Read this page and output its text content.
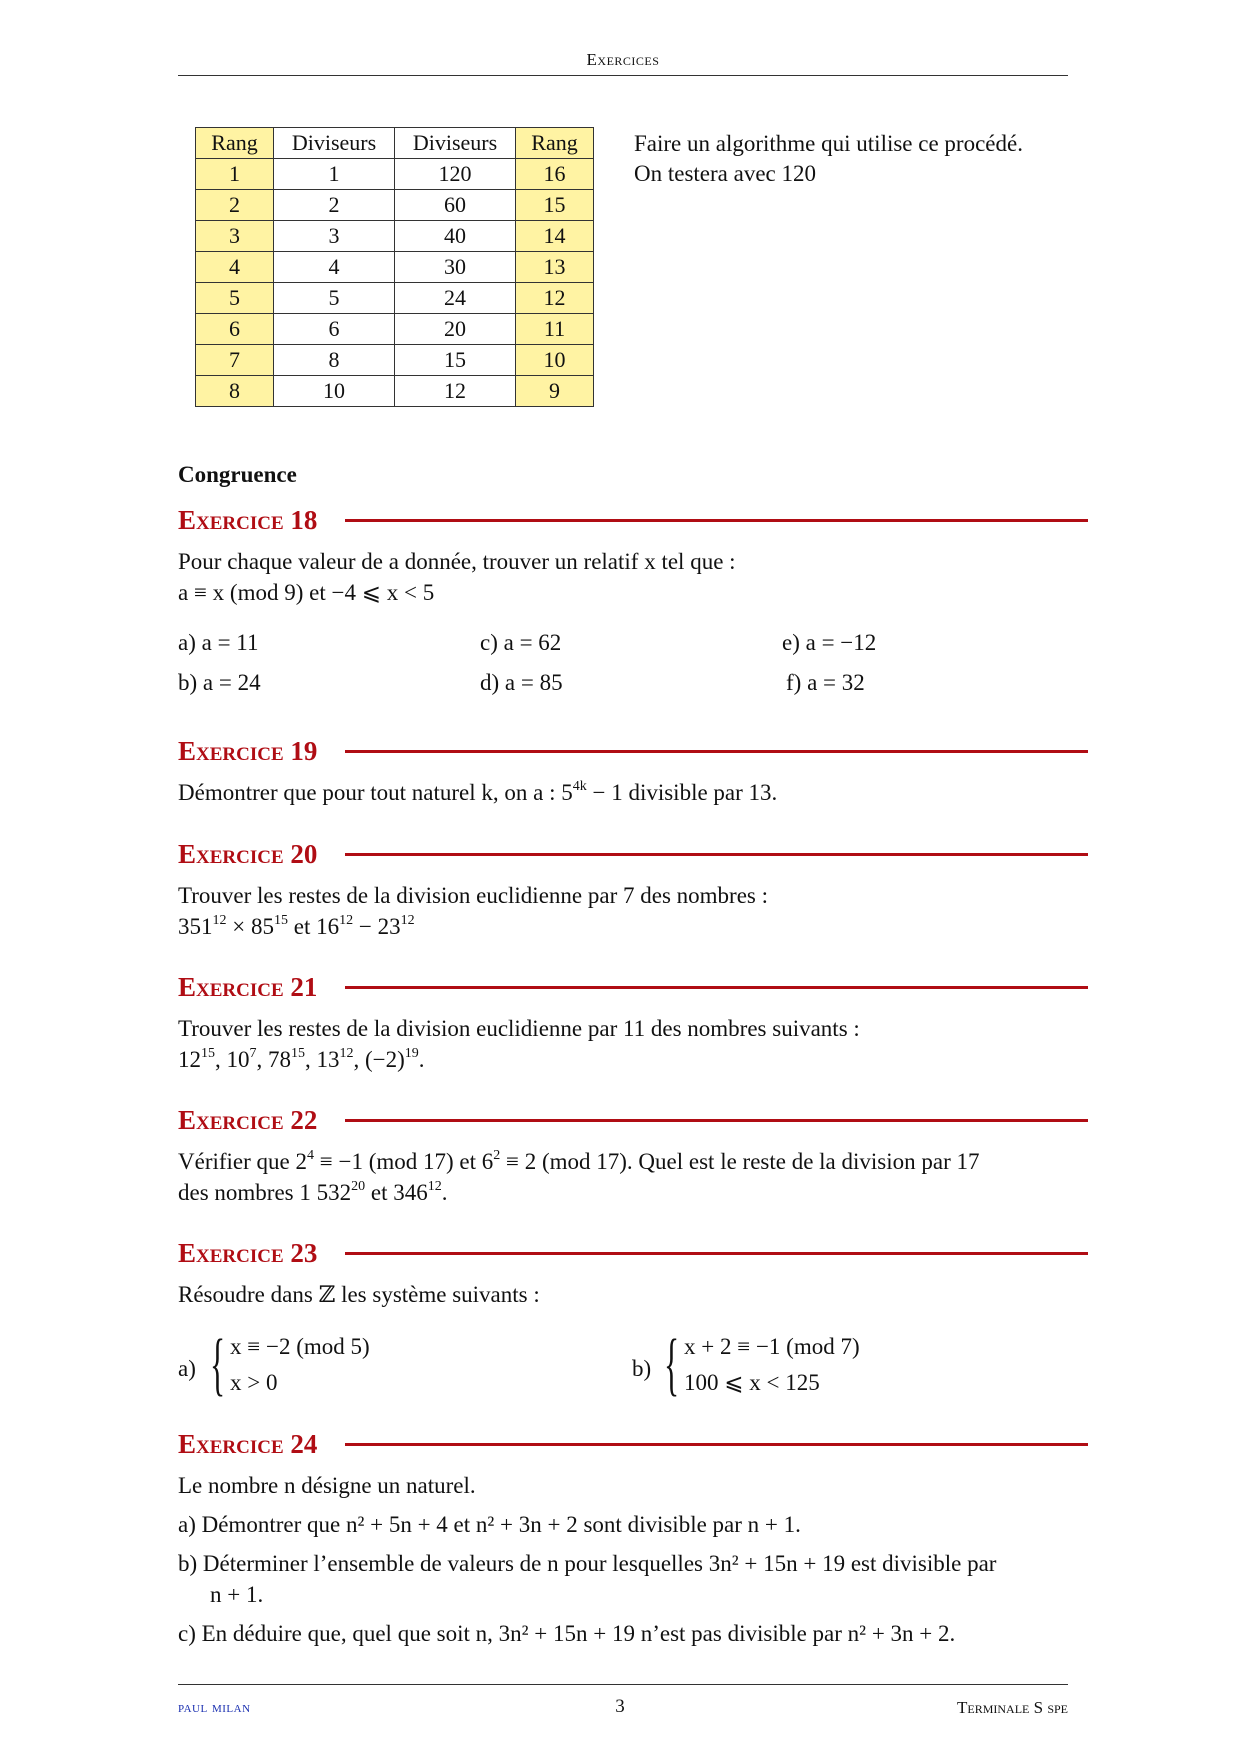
Exercices
Rang	Diviseurs	Diviseurs	Rang
1	1	120	16
2	2	60	15
3	3	40	14
4	4	30	13
5	5	24	12
6	6	20	11
7	8	15	10
8	10	12	9
Faire un algorithme qui utilise ce procédé.
On testera avec 120
Congruence
Exercice 18
Pour chaque valeur de a donnée, trouver un relatif x tel que :
a ≡ x (mod 9) et −4 ⩽ x < 5
a) a = 11	c) a = 62	e) a = −12
b) a = 24	d) a = 85	f) a = 32
Exercice 19
Démontrer que pour tout naturel k, on a : $5^{4k} - 1$ divisible par 13.
Exercice 20
Trouver les restes de la division euclidienne par 7 des nombres :
$351^{12} \times 85^{15}$ et $16^{12} - 23^{12}$
Exercice 21
Trouver les restes de la division euclidienne par 11 des nombres suivants :
$12^{15}$, $10^7$, $78^{15}$, $13^{12}$, $(-2)^{19}$.
Exercice 22
Vérifier que $2^4 \equiv -1$ (mod 17) et $6^2 \equiv 2$ (mod 17). Quel est le reste de la division par 17
des nombres 1 $532^{20}$ et $346^{12}$.
Exercice 23
Résoudre dans ℤ les système suivants :
a) { x ≡ −2 (mod 5)
x > 0
b) { x + 2 ≡ −1 (mod 7)
100 ⩽ x < 125
Exercice 24
Le nombre n désigne un naturel.
a) Démontrer que n² + 5n + 4 et n² + 3n + 2 sont divisible par n + 1.
b) Déterminer l’ensemble de valeurs de n pour lesquelles 3n² + 15n + 19 est divisible par
n + 1.
c) En déduire que, quel que soit n, 3n² + 15n + 19 n’est pas divisible par n² + 3n + 2.
paul milan	3	Terminale S spe
